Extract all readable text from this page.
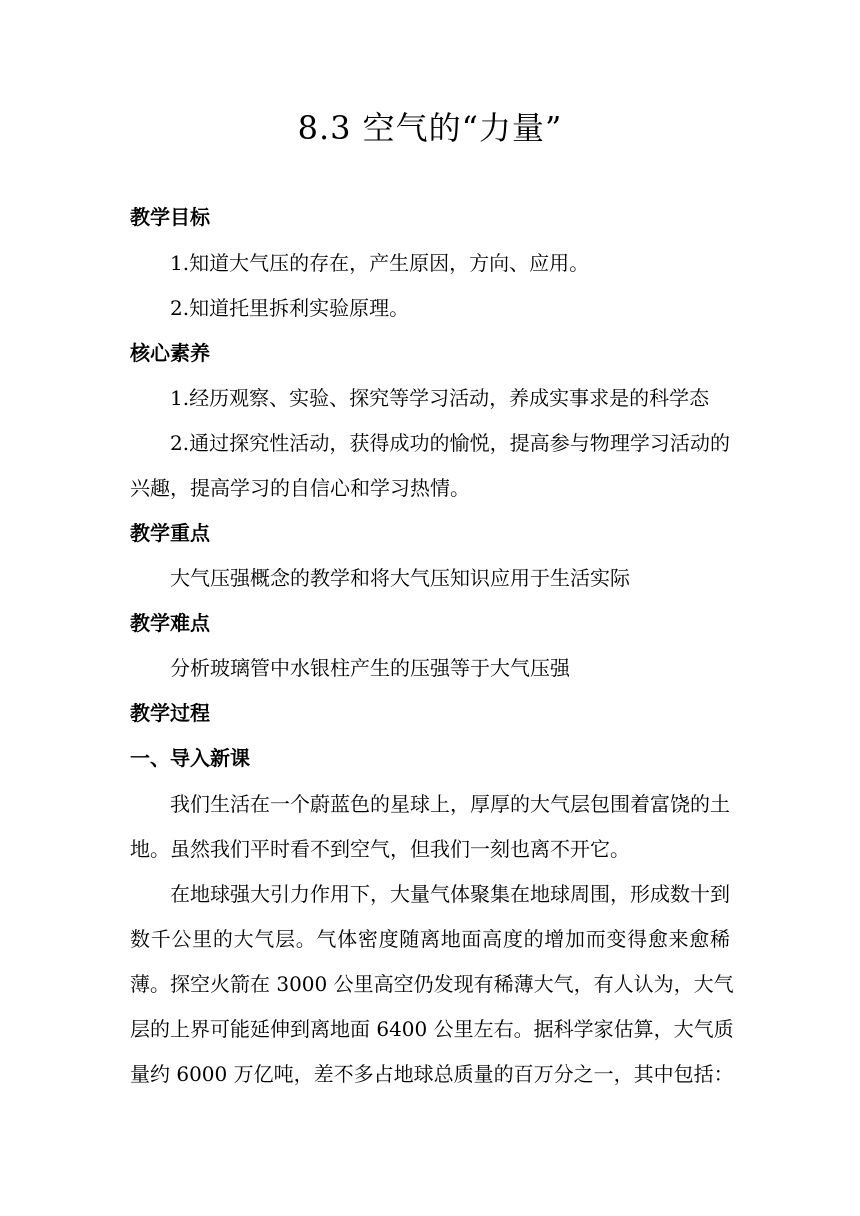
8.3 空气的“力量”
教学目标
1.知道大气压的存在，产生原因，方向、应用。
2.知道托里拆利实验原理。
核心素养
1.经历观察、实验、探究等学习活动，养成实事求是的科学态
2.通过探究性活动，获得成功的愉悦，提高参与物理学习活动的
兴趣，提高学习的自信心和学习热情。
教学重点
大气压强概念的教学和将大气压知识应用于生活实际
教学难点
分析玻璃管中水银柱产生的压强等于大气压强
教学过程
一、导入新课
我们生活在一个蔚蓝色的星球上，厚厚的大气层包围着富饶的土
地。虽然我们平时看不到空气，但我们一刻也离不开它。
在地球强大引力作用下，大量气体聚集在地球周围，形成数十到
数千公里的大气层。气体密度随离地面高度的增加而变得愈来愈稀
薄。探空火箭在 3000 公里高空仍发现有稀薄大气，有人认为，大气
层的上界可能延伸到离地面 6400 公里左右。据科学家估算，大气质
量约 6000 万亿吨，差不多占地球总质量的百万分之一，其中包括：
